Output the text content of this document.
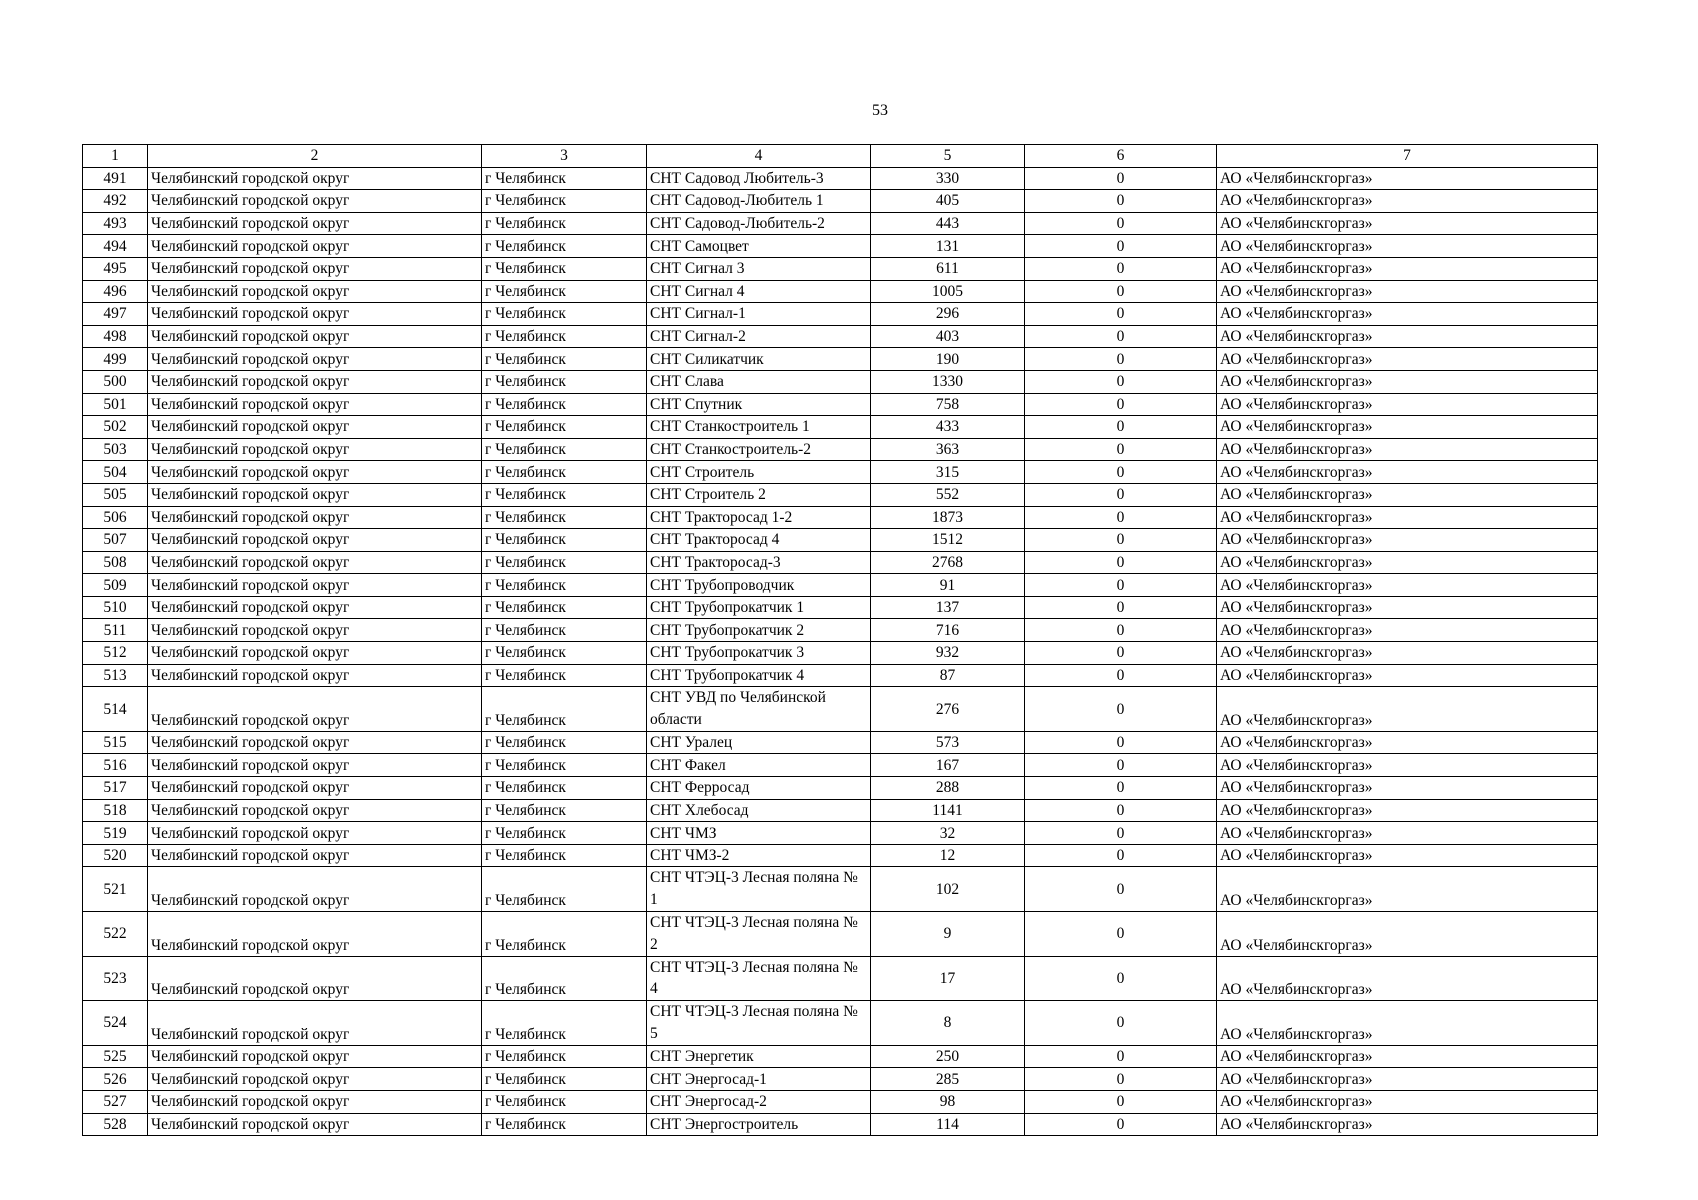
53
1	2	3	4	5	6	7
491	Челябинский городской округ	г Челябинск	СНТ Садовод Любитель-3	330	0	АО «Челябинскгоргаз»
492	Челябинский городской округ	г Челябинск	СНТ Садовод-Любитель 1	405	0	АО «Челябинскгоргаз»
493	Челябинский городской округ	г Челябинск	СНТ Садовод-Любитель-2	443	0	АО «Челябинскгоргаз»
494	Челябинский городской округ	г Челябинск	СНТ Самоцвет	131	0	АО «Челябинскгоргаз»
495	Челябинский городской округ	г Челябинск	СНТ Сигнал 3	611	0	АО «Челябинскгоргаз»
496	Челябинский городской округ	г Челябинск	СНТ Сигнал 4	1005	0	АО «Челябинскгоргаз»
497	Челябинский городской округ	г Челябинск	СНТ Сигнал-1	296	0	АО «Челябинскгоргаз»
498	Челябинский городской округ	г Челябинск	СНТ Сигнал-2	403	0	АО «Челябинскгоргаз»
499	Челябинский городской округ	г Челябинск	СНТ Силикатчик	190	0	АО «Челябинскгоргаз»
500	Челябинский городской округ	г Челябинск	СНТ Слава	1330	0	АО «Челябинскгоргаз»
501	Челябинский городской округ	г Челябинск	СНТ Спутник	758	0	АО «Челябинскгоргаз»
502	Челябинский городской округ	г Челябинск	СНТ Станкостроитель 1	433	0	АО «Челябинскгоргаз»
503	Челябинский городской округ	г Челябинск	СНТ Станкостроитель-2	363	0	АО «Челябинскгоргаз»
504	Челябинский городской округ	г Челябинск	СНТ Строитель	315	0	АО «Челябинскгоргаз»
505	Челябинский городской округ	г Челябинск	СНТ Строитель 2	552	0	АО «Челябинскгоргаз»
506	Челябинский городской округ	г Челябинск	СНТ Тракторосад 1-2	1873	0	АО «Челябинскгоргаз»
507	Челябинский городской округ	г Челябинск	СНТ Тракторосад 4	1512	0	АО «Челябинскгоргаз»
508	Челябинский городской округ	г Челябинск	СНТ Тракторосад-3	2768	0	АО «Челябинскгоргаз»
509	Челябинский городской округ	г Челябинск	СНТ Трубопроводчик	91	0	АО «Челябинскгоргаз»
510	Челябинский городской округ	г Челябинск	СНТ Трубопрокатчик 1	137	0	АО «Челябинскгоргаз»
511	Челябинский городской округ	г Челябинск	СНТ Трубопрокатчик 2	716	0	АО «Челябинскгоргаз»
512	Челябинский городской округ	г Челябинск	СНТ Трубопрокатчик 3	932	0	АО «Челябинскгоргаз»
513	Челябинский городской округ	г Челябинск	СНТ Трубопрокатчик 4	87	0	АО «Челябинскгоргаз»
514	Челябинский городской округ	г Челябинск	СНТ УВД по Челябинской области	276	0	АО «Челябинскгоргаз»
515	Челябинский городской округ	г Челябинск	СНТ Уралец	573	0	АО «Челябинскгоргаз»
516	Челябинский городской округ	г Челябинск	СНТ Факел	167	0	АО «Челябинскгоргаз»
517	Челябинский городской округ	г Челябинск	СНТ Ферросад	288	0	АО «Челябинскгоргаз»
518	Челябинский городской округ	г Челябинск	СНТ Хлебосад	1141	0	АО «Челябинскгоргаз»
519	Челябинский городской округ	г Челябинск	СНТ ЧМЗ	32	0	АО «Челябинскгоргаз»
520	Челябинский городской округ	г Челябинск	СНТ ЧМЗ-2	12	0	АО «Челябинскгоргаз»
521	Челябинский городской округ	г Челябинск	СНТ ЧТЭЦ-3 Лесная поляна № 1	102	0	АО «Челябинскгоргаз»
522	Челябинский городской округ	г Челябинск	СНТ ЧТЭЦ-3 Лесная поляна № 2	9	0	АО «Челябинскгоргаз»
523	Челябинский городской округ	г Челябинск	СНТ ЧТЭЦ-3 Лесная поляна № 4	17	0	АО «Челябинскгоргаз»
524	Челябинский городской округ	г Челябинск	СНТ ЧТЭЦ-3 Лесная поляна № 5	8	0	АО «Челябинскгоргаз»
525	Челябинский городской округ	г Челябинск	СНТ Энергетик	250	0	АО «Челябинскгоргаз»
526	Челябинский городской округ	г Челябинск	СНТ Энергосад-1	285	0	АО «Челябинскгоргаз»
527	Челябинский городской округ	г Челябинск	СНТ Энергосад-2	98	0	АО «Челябинскгоргаз»
528	Челябинский городской округ	г Челябинск	СНТ Энергостроитель	114	0	АО «Челябинскгоргаз»
